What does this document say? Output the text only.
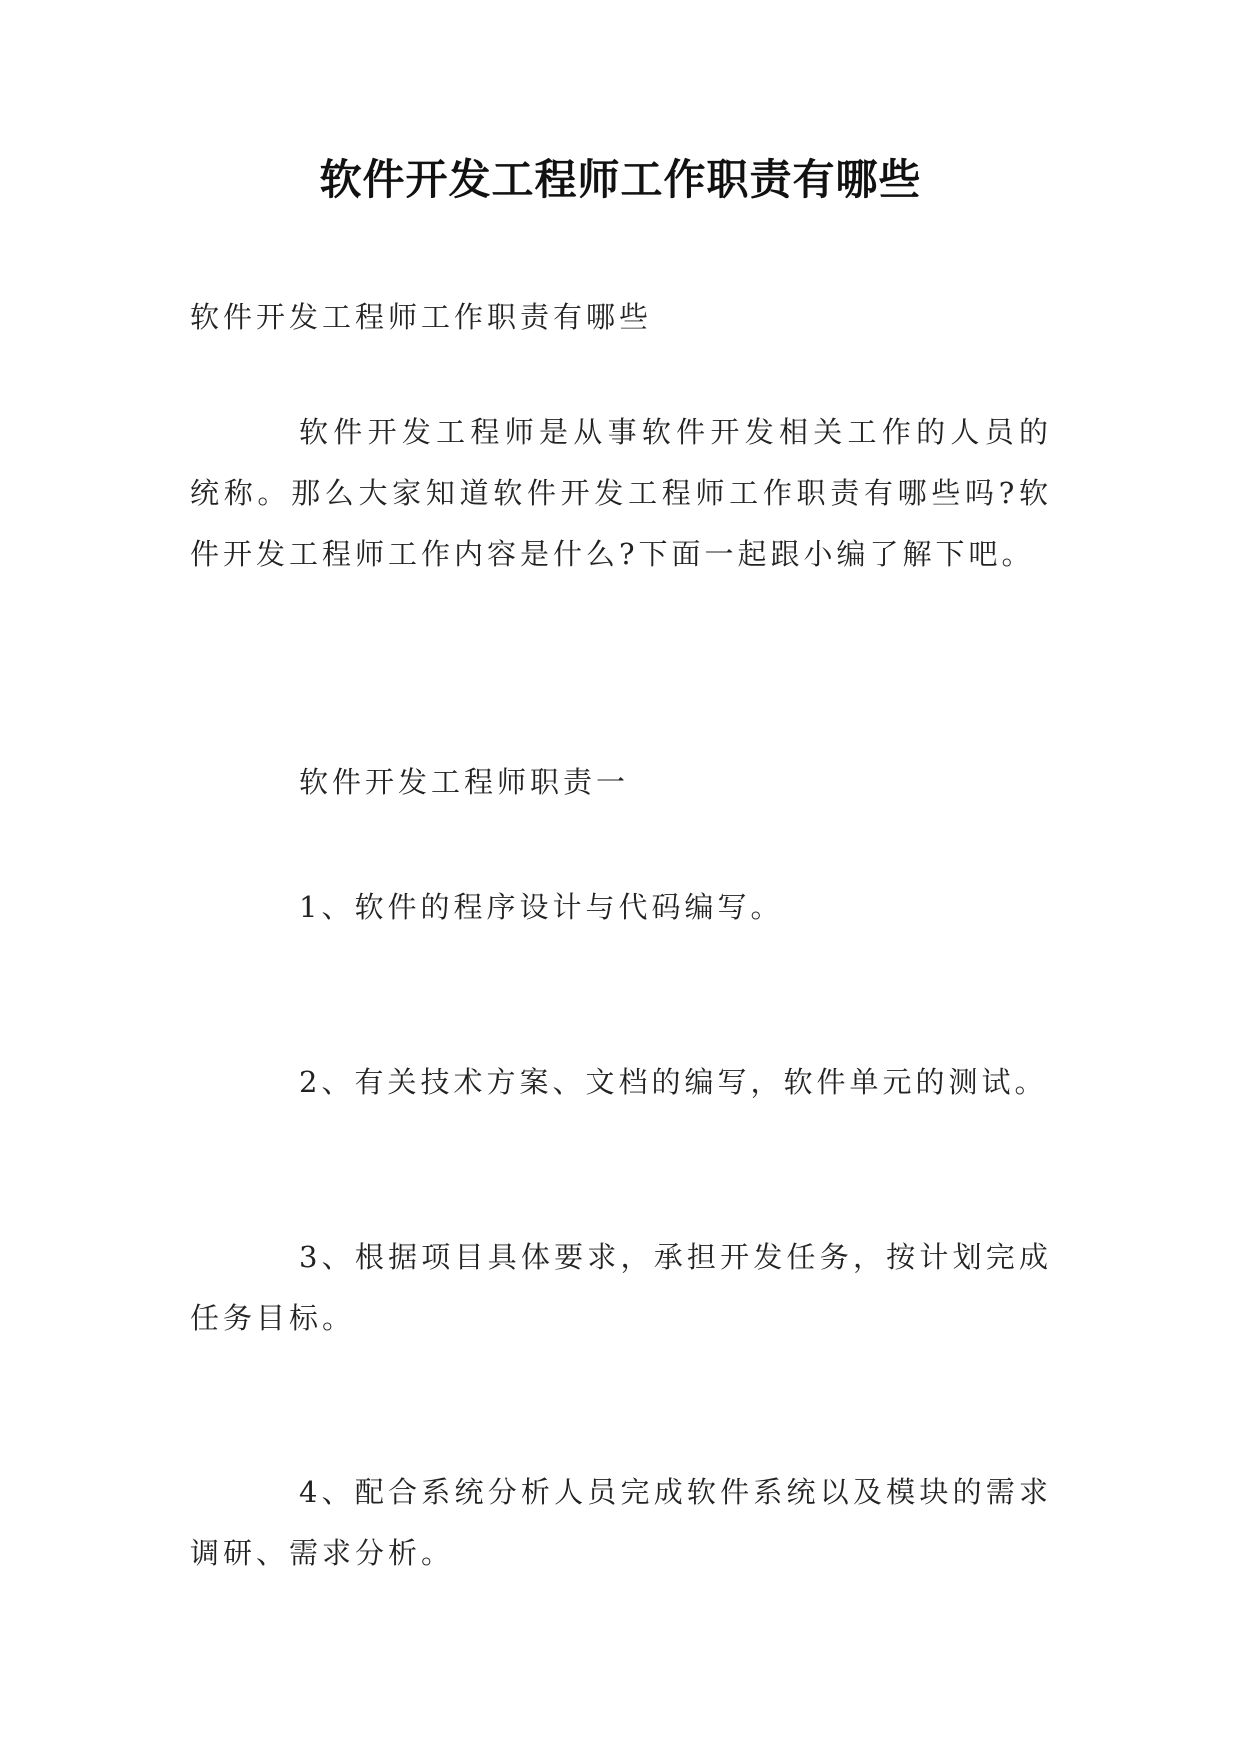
软件开发工程师工作职责有哪些
软件开发工程师工作职责有哪些
软件开发工程师是从事软件开发相关工作的人员的统称。那么大家知道软件开发工程师工作职责有哪些吗?软件开发工程师工作内容是什么?下面一起跟小编了解下吧。
软件开发工程师职责一
1、软件的程序设计与代码编写。
2、有关技术方案、文档的编写，软件单元的测试。
3、根据项目具体要求，承担开发任务，按计划完成任务目标。
4、配合系统分析人员完成软件系统以及模块的需求调研、需求分析。
